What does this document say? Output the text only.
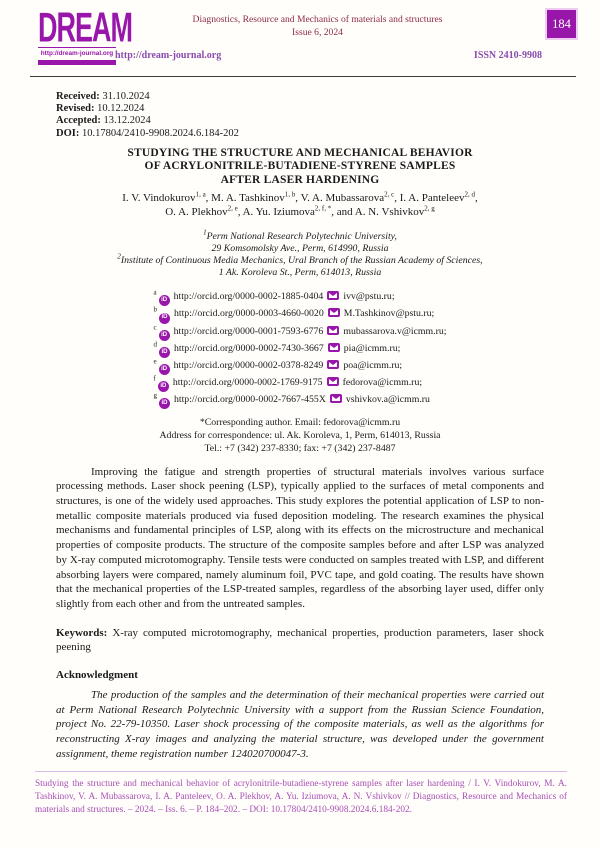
DREAM
http://dream-journal.org
Diagnostics, Resource and Mechanics of materials and structures
Issue 6, 2024
184
http://dream-journal.org	ISSN 2410-9908
Received: 31.10.2024
Revised: 10.12.2024
Accepted: 13.12.2024
DOI: 10.17804/2410-9908.2024.6.184-202
STUDYING THE STRUCTURE AND MECHANICAL BEHAVIOR
OF ACRYLONITRILE-BUTADIENE-STYRENE SAMPLES
AFTER LASER HARDENING
I. V. Vindokurov$^{1, a}$, M. A. Tashkinov$^{1, b}$, V. A. Mubassarova$^{2, c}$, I. A. Panteleev$^{2, d}$,
O. A. Plekhov$^{2, e}$, A. Yu. Iziumova$^{2, f, *}$, and A. N. Vshivkov$^{2, g}$
$^1$Perm National Research Polytechnic University,
29 Komsomolsky Ave., Perm, 614990, Russia
$^2$Institute of Continuous Media Mechanics, Ural Branch of the Russian Academy of Sciences,
1 Ak. Koroleva St., Perm, 614013, Russia
$^a$iD http://orcid.org/0000-0002-1885-0404 ivv@pstu.ru;
$^b$iD http://orcid.org/0000-0003-4660-0020 M.Tashkinov@pstu.ru;
$^c$iD http://orcid.org/0000-0001-7593-6776 mubassarova.v@icmm.ru;
$^d$iD http://orcid.org/0000-0002-7430-3667 pia@icmm.ru;
$^e$iD http://orcid.org/0000-0002-0378-8249 poa@icmm.ru;
$^f$iD http://orcid.org/0000-0002-1769-9175 fedorova@icmm.ru;
$^g$iD http://orcid.org/0000-0002-7667-455X vshivkov.a@icmm.ru
*Corresponding author. Email: fedorova@icmm.ru
Address for correspondence: ul. Ak. Koroleva, 1, Perm, 614013, Russia
Tel.: +7 (342) 237-8330; fax: +7 (342) 237-8487

Improving the fatigue and strength properties of structural materials involves various surface processing methods. Laser shock peening (LSP), typically applied to the surfaces of metal components and structures, is one of the widely used approaches. This study explores the potential application of LSP to non-metallic composite materials produced via fused deposition modeling. The research examines the physical mechanisms and fundamental principles of LSP, along with its effects on the microstructure and mechanical properties of composite products. The structure of the composite samples before and after LSP was analyzed by X-ray computed microtomography. Tensile tests were conducted on samples treated with LSP, and different absorbing layers were compared, namely aluminum foil, PVC tape, and gold coating. The results have shown that the mechanical properties of the LSP-treated samples, regardless of the absorbing layer used, differ only slightly from each other and from the untreated samples.

Keywords: X-ray computed microtomography, mechanical properties, production parameters, laser shock peening

Acknowledgment

The production of the samples and the determination of their mechanical properties were carried out at Perm National Research Polytechnic University with a support from the Russian Science Foundation, project No. 22-79-10350. Laser shock processing of the composite materials, as well as the algorithms for reconstructing X-ray images and analyzing the material structure, was developed under the government assignment, theme registration number 124020700047-3.

Studying the structure and mechanical behavior of acrylonitrile-butadiene-styrene samples after laser hardening / I. V. Vindokurov, M. A. Tashkinov, V. A. Mubassarova, I. A. Panteleev, O. A. Plekhov, A. Yu. Iziumova, A. N. Vshivkov // Diagnostics, Resource and Mechanics of materials and structures. – 2024. – Iss. 6. – P. 184–202. – DOI: 10.17804/2410-9908.2024.6.184-202.
